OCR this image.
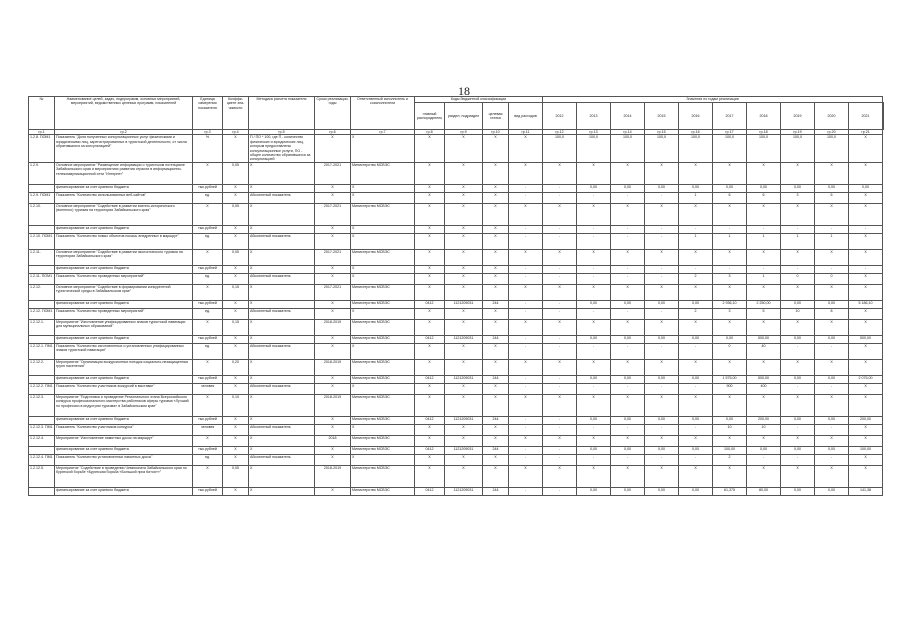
18
№	Наименование целей, задач, подпрограмм, основных мероприятий, мероприятий, ведомственных целевых программ, показателей	Единица измерения показателя	Коэффи-циент зна-чимости	Методика расчета показателя	Сроки реализации, годы	Ответственный исполнитель и соисполнители	Коды бюджетной классификации				Значения по годам реализации										
							главный распорядитель	раздел, подраздел	целевая статья	вид расходов	2012	2013	2014	2015	2016	2017	2018	2019	2020	2021	
гр.1	гр.2	гр.3	гр.4	гр.5	гр.6	гр.7	гр.8	гр.9	гр.10	гр.11	гр.12	гр.13	гр.14	гр.15	гр.16	гр.17	гр.18	гр.19	гр.20	гр.21	
1.2.8. ПОМ1	Показатель "Доля полученных консультационных услуг физическими и юридическими лиц, зарегистрированных в туристской деятельности, от числа обратившихся за консультацией"	%	Х	П / ПО * 100, где П - количество физических и юридических лиц, которым предоставлены консультационные услуги, ПО - общее количество обратившихся за консультацией	Х	Х	Х	Х	Х	Х	100,0	100,0	100,0	100,0	100,0	100,0	100,0	100,0	100,0	Х	
1.2.9.	Основное мероприятие "Размещение информации о туристском потенциале Забайкальского края и мероприятиях развития отрасли в информационно-телекоммуникационной сети "Интернет"	Х	0,05	Х	2017-2021	Министерство МСВЭС	Х	Х	Х	Х	Х	Х	Х	Х	Х	Х	Х	Х	Х	Х	
	финансирование за счет краевого бюджета	тыс.рублей	Х	Х	Х	Х	Х	Х	Х	-	-	0,00	0,00	0,00	0,00	0,00	0,00	0,00	0,00	0,00	
1.2.9. ПОМ1	Показатель "Количество использованных веб-сайтов"	ед.	Х	Абсолютный показатель	Х	Х	Х	Х	Х	-	-	-	-	-	1	6	6	3	6	Х	
1.2.10.	Основное мероприятие "Содействие в развитии военно-исторического (военного) туризма на территории Забайкальского края"	Х	0,05	Х	2017-2021	Министерство МСВЭС	Х	Х	Х	Х	Х	Х	Х	Х	Х	Х	Х	Х	Х	Х	
	финансирование за счет краевого бюджета	тыс.рублей	Х	Х	Х	Х	Х	Х	Х	-	-	-	-	-	-	-	-	-	-	-	
1.2.10. ПОМ1	Показатель "Количество новых объектов показа, внедренных в маршрут"	ед.	Х	Абсолютный показатель	Х	Х	Х	Х	Х	-	-	-	-	-	1	1	1	1	1	Х	
1.2.11.	Основное мероприятие "Содействие в развитии экологического туризма на территории Забайкальского края"	Х	0,05	Х	2017-2021	Министерство МСВЭС	Х	Х	Х	Х	Х	Х	Х	Х	Х	Х	Х	Х	Х	Х	
	финансирование за счет краевого бюджета	тыс.рублей	Х	Х	Х	Х	Х	Х	Х	-	-	-	-	-	-	-	-	-	-	-	
1.2.11. ПОМ1	Показатель "Количество проведенных мероприятий"	ед.	Х	Абсолютный показатель	Х	Х	Х	Х	Х	-	-	-	-	-	2	3	1	0	0	Х	
1.2.12.	Основное мероприятие "Содействие в формировании конкурентной туристической среды в Забайкальском крае"	Х	0,15	Х	2017-2021	Министерство МСВЭС	Х	Х	Х	Х	Х	Х	Х	Х	Х	Х	Х	Х	Х	Х	
	финансирование за счет краевого бюджета	тыс.рублей	Х	Х	Х	Министерство МСВЭС	0412	1121209031	244	-	-	0,00	0,00	0,00	0,00	2 936,10	2 250,00	0,00	0,00	5 186,10	
1.2.12. ПОМ1	Показатель "Количество проведенных мероприятий"	ед.	Х	Абсолютный показатель	Х	Х	Х	Х	Х	-	-	-	-	-	2	3	5	10	8	Х	
1.2.12.1.	Мероприятие "Изготовление унифицированных знаков туристской навигации для муниципальных образований"	Х	0,15	Х	2018-2019	Министерство МСВЭС	Х	Х	Х	Х	Х	Х	Х	Х	Х	Х	Х	Х	Х	Х	
	финансирование за счет краевого бюджета	тыс.рублей	Х	Х	Х	Министерство МСВЭС	0412	1121209031	244	-	-	0,00	0,00	0,00	0,00	0,00	500,00	0,00	0,00	500,00	
1.2.12.1. ПМ1	Показатель "Количество изготовленных и установленных унифицированных знаков туристской навигации"	ед.	Х	Абсолютный показатель	Х	Х	Х	Х	Х	-	-	-	-	-	-	0	40	-	-	Х	
1.2.12.2.	Мероприятие "Организация экскурсионных поездок социально-незащищенных групп населения"	Х	0,20	Х	2018-2019	Министерство МСВЭС	Х	Х	Х	Х	Х	Х	Х	Х	Х	Х	Х	Х	Х	Х	
	финансирование за счет краевого бюджета	тыс.рублей	Х	Х	Х	Министерство МСВЭС	0412	1121209031	244	-	-	0,00	0,00	0,00	0,00	1 575,00	500,00	0,00	0,00	2 075,00	
1.2.12.2. ПМ1	Показатель "Количество участников экскурсий в выставке"	человек	Х	Абсолютный показатель	Х	Х	Х	Х	Х	-	-	-	-	-	-	900	400	-	-	Х	
1.2.12.3.	Мероприятие "Подготовка и проведение Регионального этапа Всероссийского конкурса профессионального мастерства работников сферы туризма «Лучший по профессии в индустрии туризма» в Забайкальском крае"	Х	0,10	Х	2018-2019	Министерство МСВЭС	Х	Х	Х	Х	Х	Х	Х	Х	Х	Х	Х	Х	Х	Х	
	финансирование за счет краевого бюджета	тыс.рублей	Х	Х	Х	Министерство МСВЭС	0412	1121209031	244	-	-	0,00	0,00	0,00	0,00	0,00	200,00	0,00	0,00	200,00	
1.2.12.3. ПМ1	Показатель "Количество участников конкурса"	человек	Х	Абсолютный показатель	Х	Х	Х	Х	Х	-	-	-	-	-	-	10	10	-	-	Х	
1.2.12.4.	Мероприятие "Изготовление памятных досок на маршрут"	Х	Х	Х	2018	Министерство МСВЭС	Х	Х	Х	Х	Х	Х	Х	Х	Х	Х	Х	Х	Х	Х	
	финансирование за счет краевого бюджета	тыс.рублей	Х	Х	Х	Министерство МСВЭС	0412	1121209031	244	-	-	0,00	0,00	0,00	0,00	100,00	0,00	0,00	0,00	100,00	
1.2.12.4. ПМ1	Показатель "Количество установленных памятных досок"	ед.	Х	Абсолютный показатель	Х	Х	Х	Х	Х	-	-	-	-	-	-	2	-	-	-	Х	
1.2.12.5.	Мероприятие "Содействие в проведении Чемпионата Забайкальского края по бурятской борьбе «Бурятская борьба «Большой приз Китоя»»"	Х	0,05	Х	2018-2019	Министерство МСВЭС	Х	Х	Х	Х	Х	Х	Х	Х	Х	Х	Х	Х	Х	Х	
	финансирование за счет краевого бюджета	тыс.рублей	Х	Х	Х	Министерство МСВЭС	0412	1121209031	244	-	-	0,00	0,00	0,00	0,00	61,375	80,00	0,00	0,00	141,38	
